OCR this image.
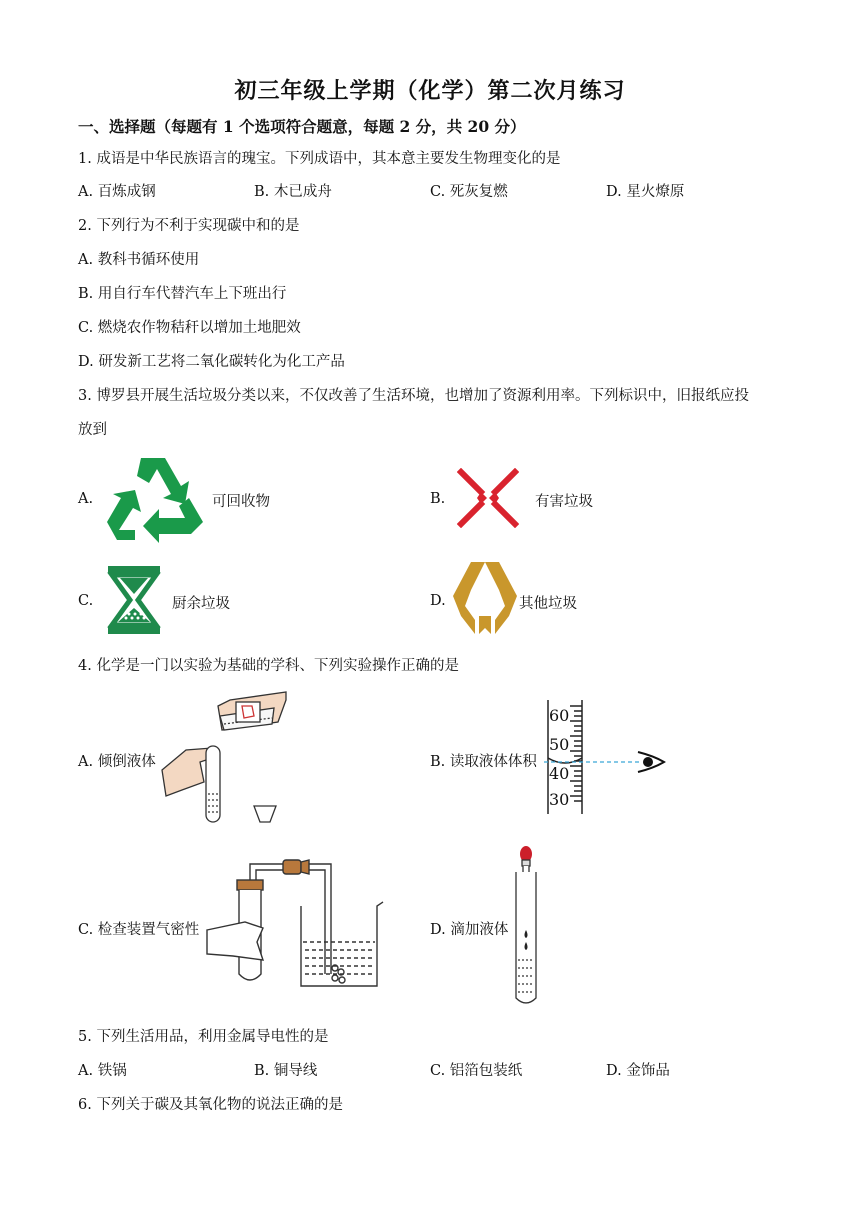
初三年级上学期（化学）第二次月练习
一、选择题（每题有 1 个选项符合题意，每题 2 分，共 20 分）
1. 成语是中华民族语言的瑰宝。下列成语中，其本意主要发生物理变化的是
A. 百炼成钢	B. 木已成舟	C. 死灰复燃	D. 星火燎原
2. 下列行为不利于实现碳中和的是
A. 教科书循环使用
B. 用自行车代替汽车上下班出行
C. 燃烧农作物秸秆以增加土地肥效
D. 研发新工艺将二氧化碳转化为化工产品
3. 博罗县开展生活垃圾分类以来，不仅改善了生活环境，也增加了资源利用率。下列标识中，旧报纸应投
放到
A.	可回收物	B.	有害垃圾
C.	厨余垃圾	D.	其他垃圾
4. 化学是一门以实验为基础的学科、下列实验操作正确的是
A. 倾倒液体	B. 读取液体体积
60
50
40
30
C. 检查装置气密性	D. 滴加液体
5. 下列生活用品，利用金属导电性的是
A. 铁锅	B. 铜导线	C. 铝箔包装纸	D. 金饰品
6. 下列关于碳及其氧化物的说法正确的是
